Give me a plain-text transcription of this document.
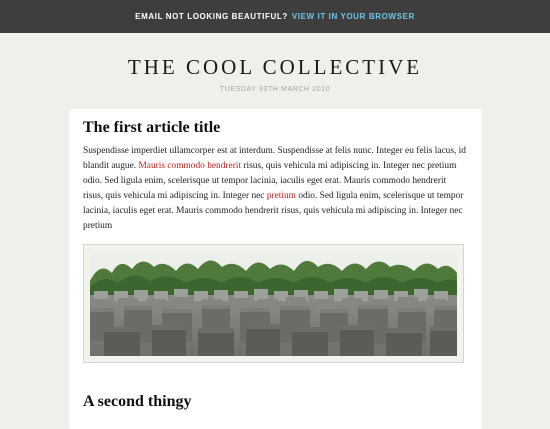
EMAIL NOT LOOKING BEAUTIFUL? VIEW IT IN YOUR BROWSER
THE COOL COLLECTIVE
TUESDAY 30TH MARCH 2010
The first article title

Suspendisse imperdiet ullamcorper est at interdum. Suspendisse at felis nunc. Integer eu felis lacus, id blandit augue. Mauris commodo hendrerit risus, quis vehicula mi adipiscing in. Integer nec pretium odio. Sed ligula enim, scelerisque ut tempor lacinia, iaculis eget erat. Mauris commodo hendrerit risus, quis vehicula mi adipiscing in. Integer nec pretium odio. Sed ligula enim, scelerisque ut tempor lacinia, iaculis eget erat. Mauris commodo hendrerit risus, quis vehicula mi adipiscing in. Integer nec pretium

A second thingy
